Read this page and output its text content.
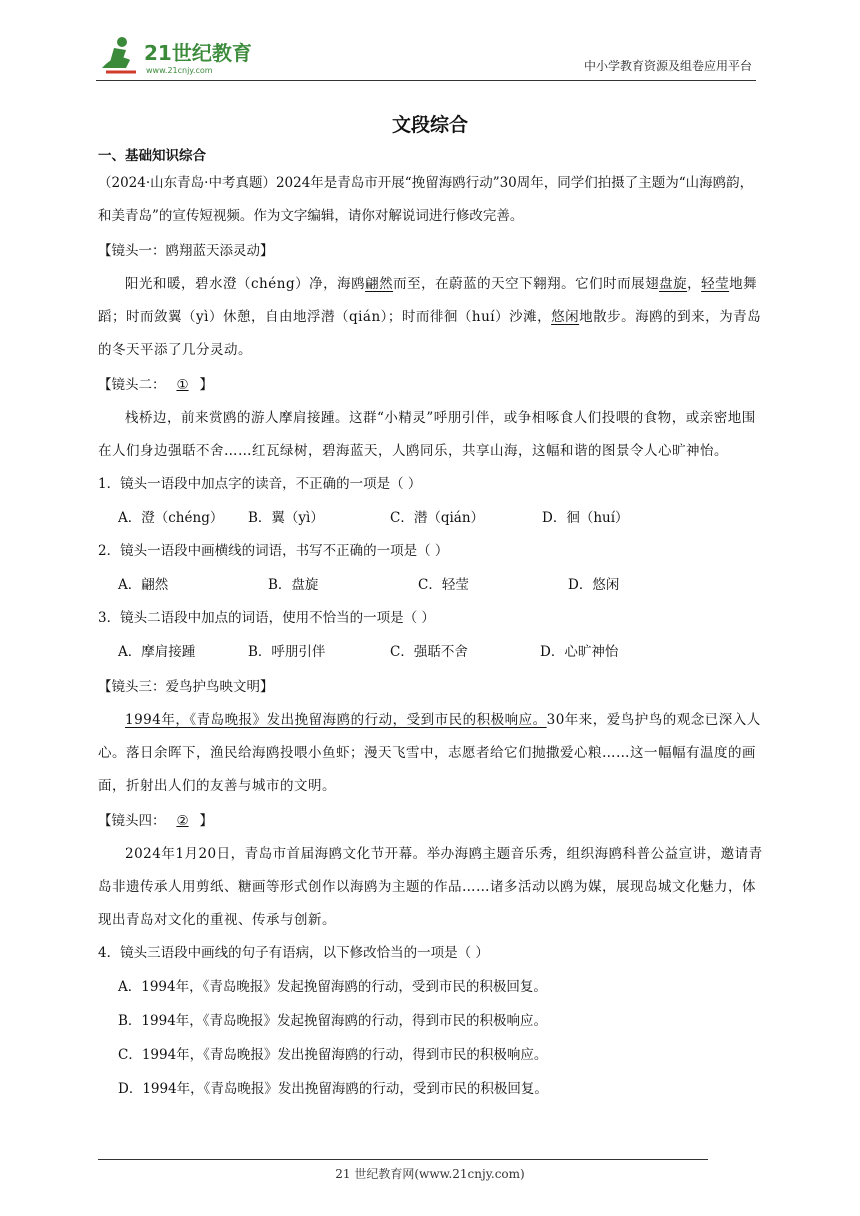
21世纪教育
www.21cnjy.com	中小学教育资源及组卷应用平台
文段综合

一、基础知识综合

（2024·山东青岛·中考真题）2024年是青岛市开展“挽留海鸥行动”30周年，同学们拍摄了主题为“山海鸥韵，和美青岛”的宣传短视频。作为文字编辑，请你对解说词进行修改完善。

【镜头一：鸥翔蓝天添灵动】

阳光和暖，碧水澄（chéng）净，海鸥翩然而至，在蔚蓝的天空下翱翔。它们时而展翅盘旋，轻莹地舞蹈；时而敛翼（yì）休憩，自由地浮潜（qián）；时而徘徊（huí）沙滩，悠闲地散步。海鸥的到来，为青岛的冬天平添了几分灵动。

【镜头二： ① 】

栈桥边，前来赏鸥的游人摩肩接踵。这群“小精灵”呼朋引伴，或争相啄食人们投喂的食物，或亲密地围在人们身边强聒不舍……红瓦绿树，碧海蓝天，人鸥同乐，共享山海，这幅和谐的图景令人心旷神怡。

1．镜头一语段中加点字的读音，不正确的一项是（ ）

A．澄（chéng）	B．翼（yì）	C．潜（qián）	D．徊（huí）

2．镜头一语段中画横线的词语，书写不正确的一项是（ ）

A．翩然	B．盘旋	C．轻莹	D．悠闲

3．镜头二语段中加点的词语，使用不恰当的一项是（ ）

A．摩肩接踵	B．呼朋引伴	C．强聒不舍	D．心旷神怡

【镜头三：爱鸟护鸟映文明】

1994年，《青岛晚报》发出挽留海鸥的行动，受到市民的积极响应。30年来，爱鸟护鸟的观念已深入人心。落日余晖下，渔民给海鸥投喂小鱼虾；漫天飞雪中，志愿者给它们抛撒爱心粮……这一幅幅有温度的画面，折射出人们的友善与城市的文明。

【镜头四： ② 】

2024年1月20日，青岛市首届海鸥文化节开幕。举办海鸥主题音乐秀，组织海鸥科普公益宣讲，邀请青岛非遗传承人用剪纸、糖画等形式创作以海鸥为主题的作品……诸多活动以鸥为媒，展现岛城文化魅力，体现出青岛对文化的重视、传承与创新。

4．镜头三语段中画线的句子有语病，以下修改恰当的一项是（ ）

A．1994年，《青岛晚报》发起挽留海鸥的行动，受到市民的积极回复。

B．1994年，《青岛晚报》发起挽留海鸥的行动，得到市民的积极响应。

C．1994年，《青岛晚报》发出挽留海鸥的行动，得到市民的积极响应。

D．1994年，《青岛晚报》发出挽留海鸥的行动，受到市民的积极回复。

21 世纪教育网(www.21cnjy.com)
